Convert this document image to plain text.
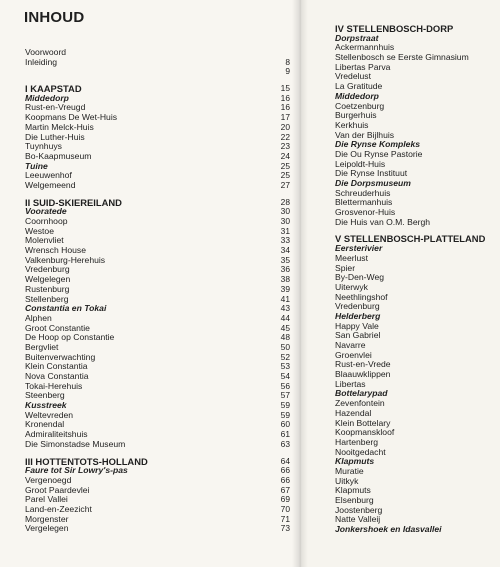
INHOUD
Voorwoord
Inleiding	8
9
I KAAPSTAD	15
Middedorp	16
Rust-en-Vreugd	16
Koopmans De Wet-Huis	17
Martin Melck-Huis	20
Die Luther-Huis	22
Tuynhuys	23
Bo-Kaapmuseum	24
Tuine	25
Leeuwenhof	25
Welgemeend	27
II SUID-SKIEREILAND	28
Vooratede	30
Coornhoop	30
Westoe	31
Molenvliet	33
Wrensch House	34
Valkenburg-Herehuis	35
Vredenburg	36
Welgelegen	38
Rustenburg	39
Stellenberg	41
Constantia en Tokai	43
Alphen	44
Groot Constantie	45
De Hoop op Constantie	48
Bergvliet	50
Buitenverwachting	52
Klein Constantia	53
Nova Constantia	54
Tokai-Herehuis	56
Steenberg	57
Kusstreek	59
Weltevreden	59
Kronendal	60
Admiraliteitshuis	61
Die Simonstadse Museum	63
III HOTTENTOTS-HOLLAND	64
Faure tot Sir Lowry's-pas	66
Vergenoegd	66
Groot Paardevlei	67
Parel Vallei	69
Land-en-Zeezicht	70
Morgenster	71
Vergelegen	73
IV STELLENBOSCH-DORP
Dorpstraat
Ackermannhuis
Stellenbosch se Eerste Gimnasium
Libertas Parva
Vredelust
La Gratitude
Middedorp
Coetzenburg
Burgerhuis
Kerkhuis
Van der Bijlhuis
Die Rynse Kompleks
Die Ou Rynse Pastorie
Leipoldt-Huis
Die Rynse Instituut
Die Dorpsmuseum
Schreuderhuis
Blettermanhuis
Grosvenor-Huis
Die Huis van O.M. Bergh
V STELLENBOSCH-PLATTELAND
Eersterivier
Meerlust
Spier
By-Den-Weg
Uiterwyk
Neethlingshof
Vredenburg
Helderberg
Happy Vale
San Gabriel
Navarre
Groenvlei
Rust-en-Vrede
Blaauwklippen
Libertas
Bottelarypad
Zevenfontein
Hazendal
Klein Bottelary
Koopmanskloof
Hartenberg
Nooitgedacht
Klapmuts
Muratie
Uitkyk
Klapmuts
Elsenburg
Joostenberg
Natte Valleij
Jonkershoek en Idasvallei
